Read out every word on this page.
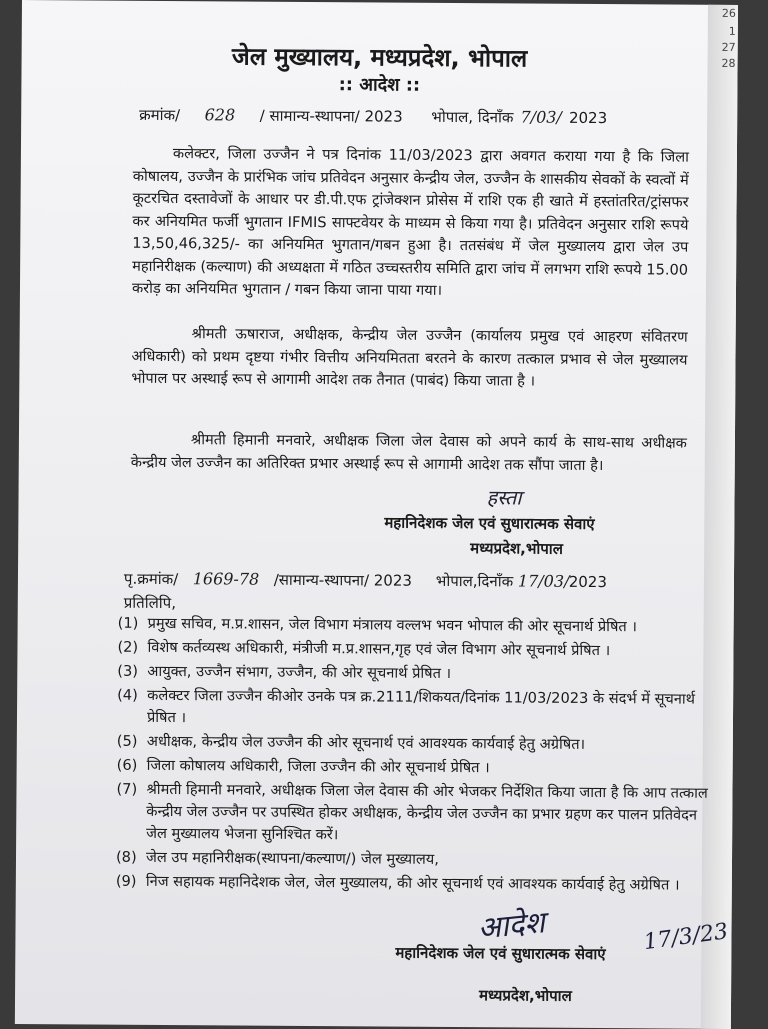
26
1
27
28
जेल मुख्यालय, मध्यप्रदेश, भोपाल
:: आदेश ::
क्रमांक/ 628 / सामान्य-स्थापना/ 2023 भोपाल, दिनाँक 7/03/ 2023

कलेक्टर, जिला उज्जैन ने पत्र दिनांक 11/03/2023 द्वारा अवगत कराया गया है कि जिला कोषालय, उज्जैन के प्रारंभिक जांच प्रतिवेदन अनुसार केन्द्रीय जेल, उज्जैन के शासकीय सेवकों के स्वत्वों में कूटरचित दस्तावेजों के आधार पर डी.पी.एफ ट्रांजेक्शन प्रोसेस में राशि एक ही खाते में हस्तांतरित/ट्रांसफर कर अनियमित फर्जी भुगतान IFMIS साफ्टवेयर के माध्यम से किया गया है। प्रतिवेदन अनुसार राशि रूपये 13,50,46,325/- का अनियमित भुगतान/गबन हुआ है। ततसंबंध में जेल मुख्यालय द्वारा जेल उप महानिरीक्षक (कल्याण) की अध्यक्षता में गठित उच्चस्तरीय समिति द्वारा जांच में लगभग राशि रूपये 15.00 करोड़ का अनियमित भुगतान / गबन किया जाना पाया गया।

श्रीमती ऊषाराज, अधीक्षक, केन्द्रीय जेल उज्जैन (कार्यालय प्रमुख एवं आहरण संवितरण अधिकारी) को प्रथम दृष्टया गंभीर वित्तीय अनियमितता बरतने के कारण तत्काल प्रभाव से जेल मुख्यालय भोपाल पर अस्थाई रूप से आगामी आदेश तक तैनात (पाबंद) किया जाता है ।

श्रीमती हिमानी मनवारे, अधीक्षक जिला जेल देवास को अपने कार्य के साथ-साथ अधीक्षक केन्द्रीय जेल उज्जैन का अतिरिक्त प्रभार अस्थाई रूप से आगामी आदेश तक सौंपा जाता है।

हस्ता
महानिदेशक जेल एवं सुधारात्मक सेवाएं
मध्यप्रदेश,भोपाल
पृ.क्रमांक/ 1669-78 /सामान्य-स्थापना/ 2023 भोपाल,दिनाँक 17/03/ 2023
प्रतिलिपि,
(1) प्रमुख सचिव, म.प्र.शासन, जेल विभाग मंत्रालय वल्लभ भवन भोपाल की ओर सूचनार्थ प्रेषित ।
(2) विशेष कर्तव्यस्थ अधिकारी, मंत्रीजी म.प्र.शासन,गृह एवं जेल विभाग ओर सूचनार्थ प्रेषित ।
(3) आयुक्त, उज्जैन संभाग, उज्जैन, की ओर सूचनार्थ प्रेषित ।
(4) कलेक्टर जिला उज्जैन कीओर उनके पत्र क्र.2111/शिकयत/दिनांक 11/03/2023 के संदर्भ में सूचनार्थ प्रेषित ।
(5) अधीक्षक, केन्द्रीय जेल उज्जैन की ओर सूचनार्थ एवं आवश्यक कार्यवाई हेतु अग्रेषित।
(6) जिला कोषालय अधिकारी, जिला उज्जैन की ओर सूचनार्थ प्रेषित ।
(7) श्रीमती हिमानी मनवारे, अधीक्षक जिला जेल देवास की ओर भेजकर निर्देशित किया जाता है कि आप तत्काल केन्द्रीय जेल उज्जैन पर उपस्थित होकर अधीक्षक, केन्द्रीय जेल उज्जैन का प्रभार ग्रहण कर पालन प्रतिवेदन जेल मुख्यालय भेजना सुनिश्चित करें।
(8) जेल उप महानिरीक्षक(स्थापना/कल्याण/) जेल मुख्यालय,
(9) निज सहायक महानिदेशक जेल, जेल मुख्यालय, की ओर सूचनार्थ एवं आवश्यक कार्यवाई हेतु अग्रेषित ।
आदेश	17/3/23
महानिदेशक जेल एवं सुधारात्मक सेवाएं
मध्यप्रदेश,भोपाल
